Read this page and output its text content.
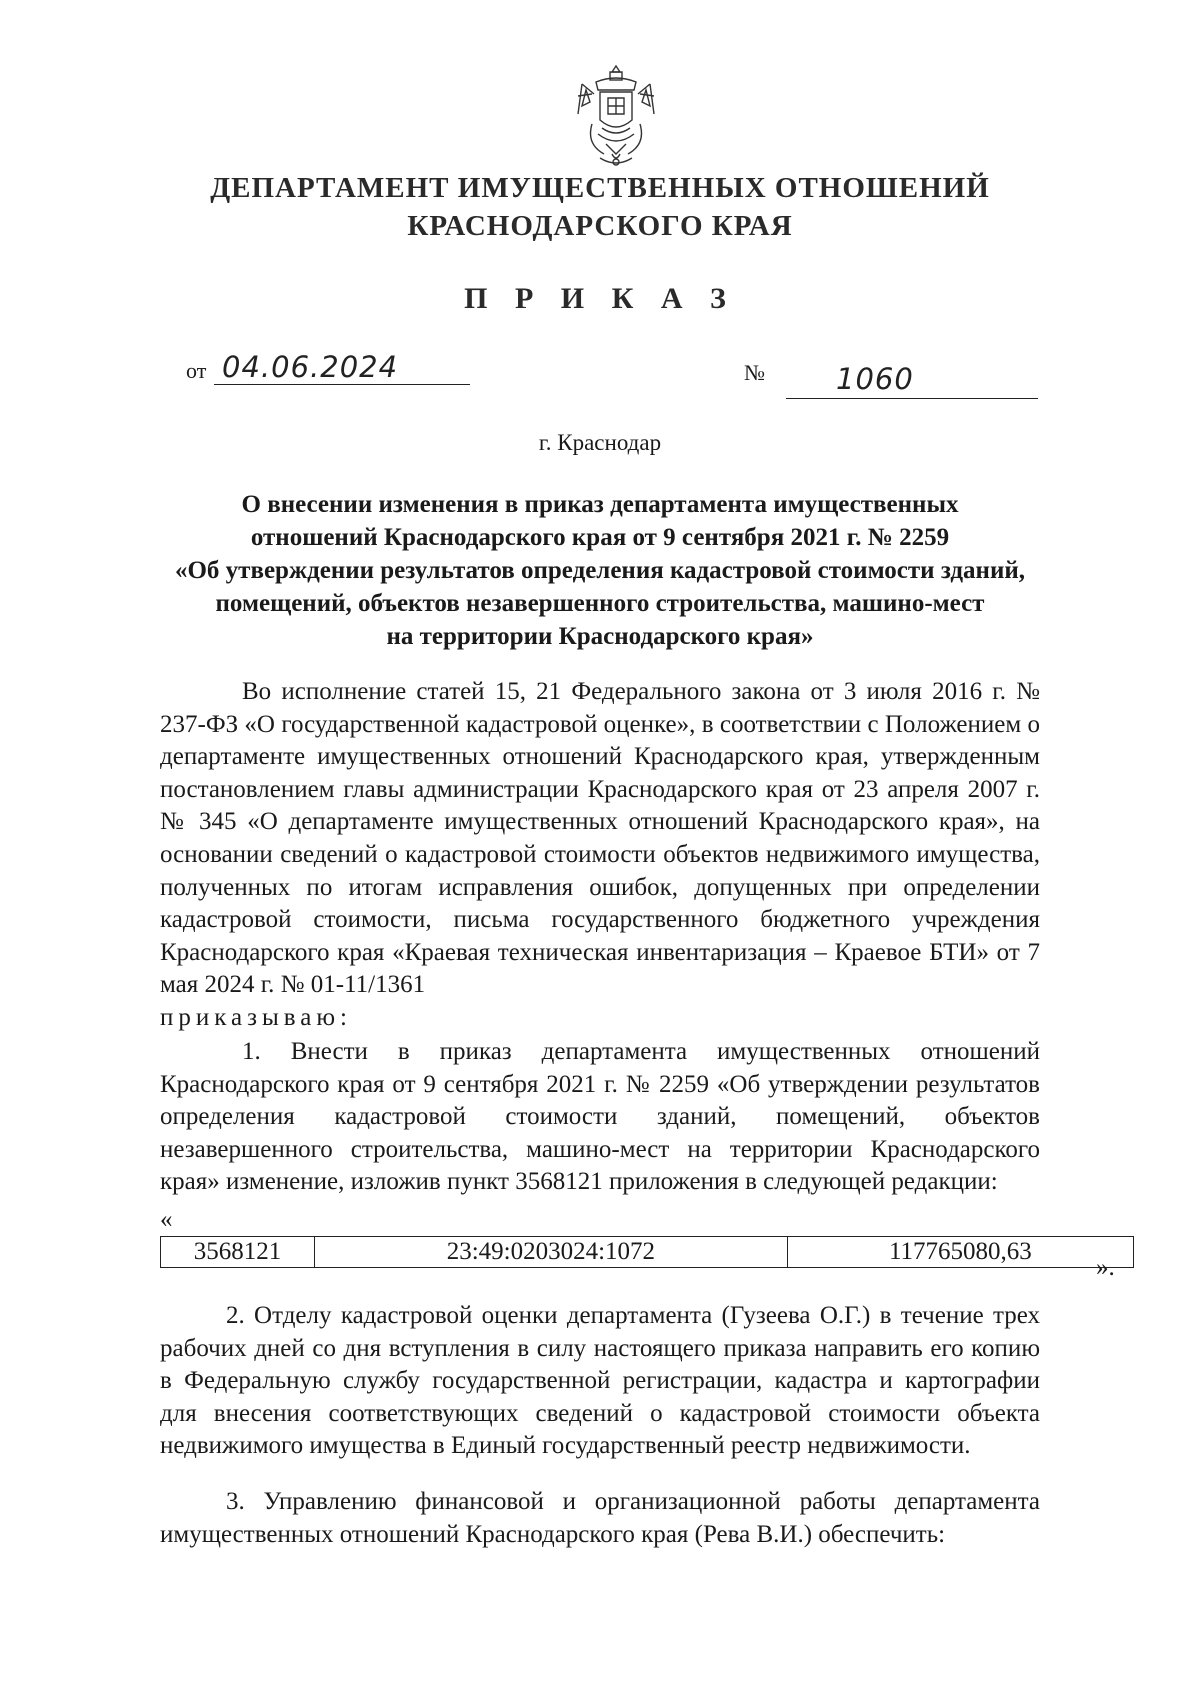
ДЕПАРТАМЕНТ ИМУЩЕСТВЕННЫХ ОТНОШЕНИЙ
КРАСНОДАРСКОГО КРАЯ
П Р И К А З
от 04.06.2024	№ 1060
г. Краснодар
О внесении изменения в приказ департамента имущественных
отношений Краснодарского края от 9 сентября 2021 г. № 2259
«Об утверждении результатов определения кадастровой стоимости зданий,
помещений, объектов незавершенного строительства, машино-мест
на территории Краснодарского края»
Во исполнение статей 15, 21 Федерального закона от 3 июля 2016 г. № 237-ФЗ «О государственной кадастровой оценке», в соответствии с Положением о департаменте имущественных отношений Краснодарского края, утвержденным постановлением главы администрации Краснодарского края от 23 апреля 2007 г. № 345 «О департаменте имущественных отношений Краснодарского края», на основании сведений о кадастровой стоимости объектов недвижимого имущества, полученных по итогам исправления ошибок, допущенных при определении кадастровой стоимости, письма государственного бюджетного учреждения Краснодарского края «Краевая техническая инвентаризация – Краевое БТИ» от 7 мая 2024 г. № 01-11/1361
приказываю:
1. Внести в приказ департамента имущественных отношений Краснодарского края от 9 сентября 2021 г. № 2259 «Об утверждении результатов определения кадастровой стоимости зданий, помещений, объектов незавершенного строительства, машино-мест на территории Краснодарского края» изменение, изложив пункт 3568121 приложения в следующей редакции:
«
3568121	23:49:0203024:1072	117765080,63
».
2. Отделу кадастровой оценки департамента (Гузеева О.Г.) в течение трех рабочих дней со дня вступления в силу настоящего приказа направить его копию в Федеральную службу государственной регистрации, кадастра и картографии для внесения соответствующих сведений о кадастровой стоимости объекта недвижимого имущества в Единый государственный реестр недвижимости.
3. Управлению финансовой и организационной работы департамента имущественных отношений Краснодарского края (Рева В.И.) обеспечить:
